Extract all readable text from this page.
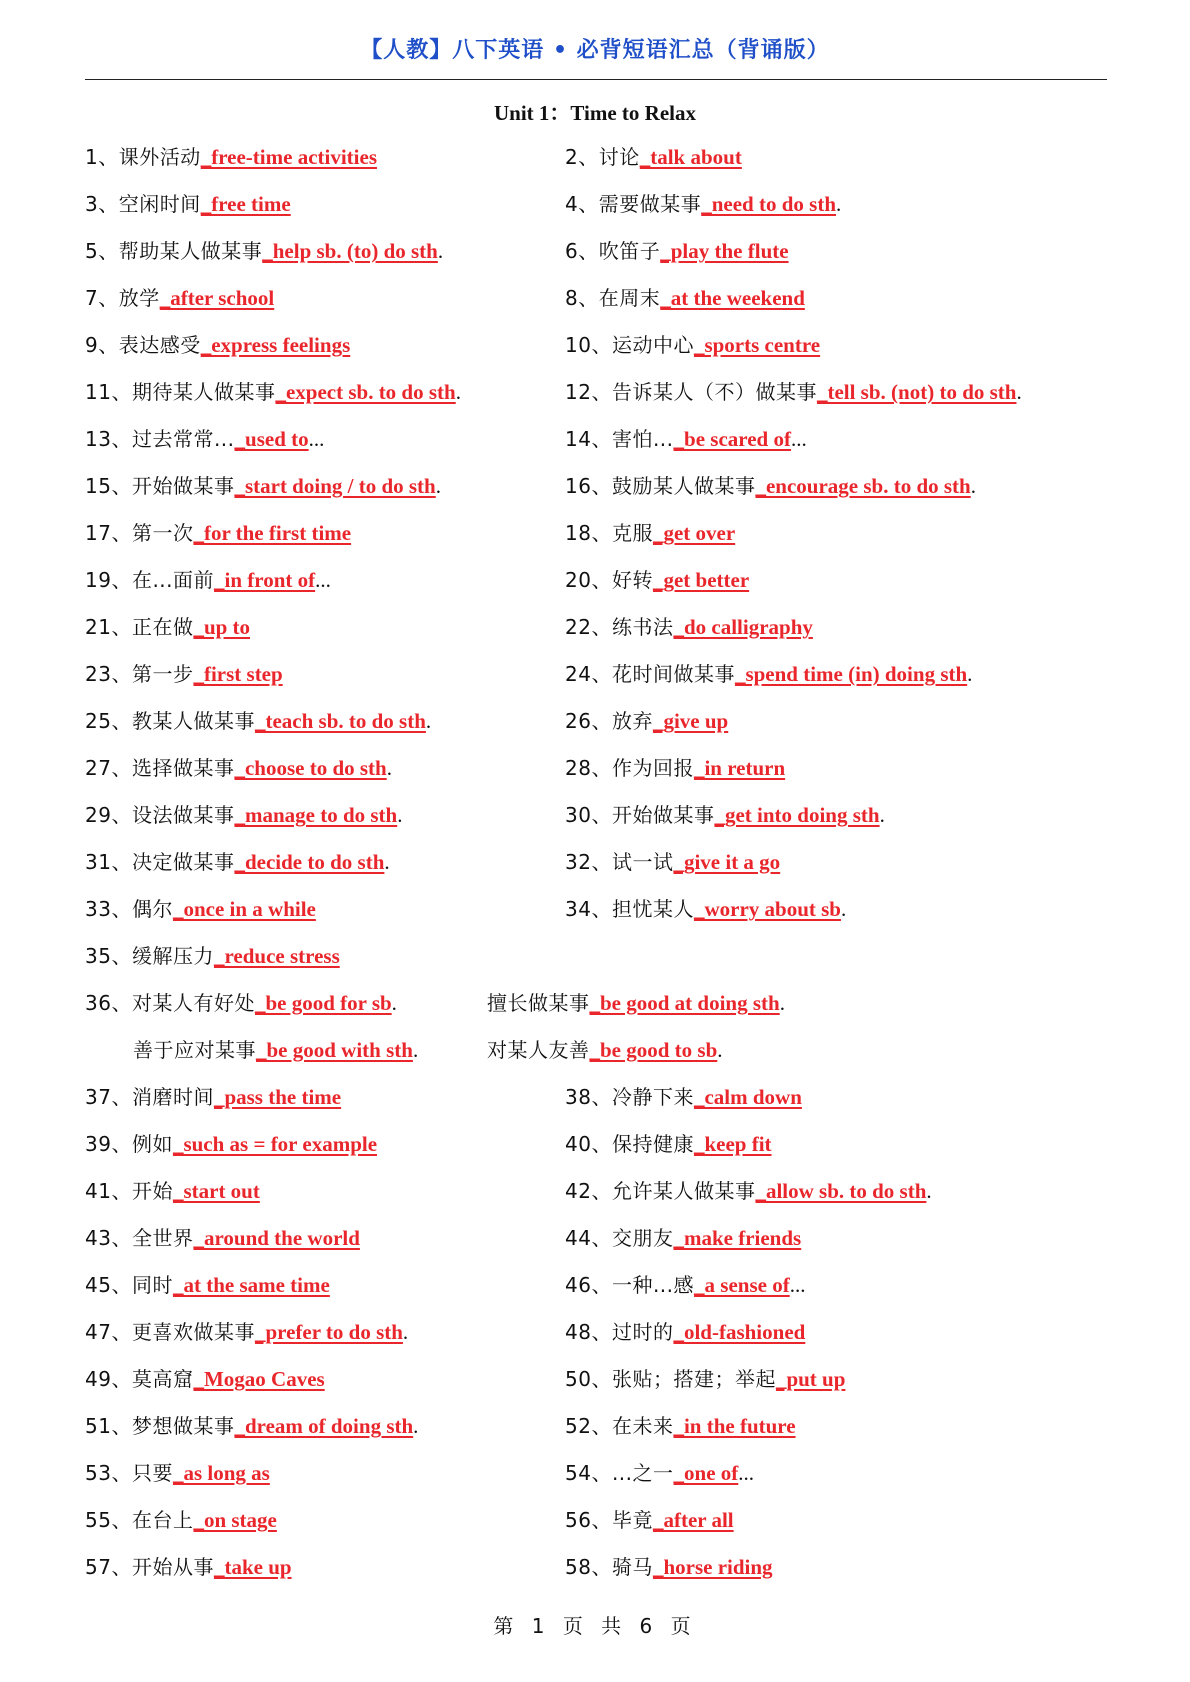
【人教】八下英语 • 必背短语汇总（背诵版）
Unit 1：Time to Relax
1、课外活动_free-time activities	2、讨论_talk about
3、空闲时间_free time	4、需要做某事_need to do sth.
5、帮助某人做某事_help sb. (to) do sth.	6、吹笛子_play the flute
7、放学_after school	8、在周末_at the weekend
9、表达感受_express feelings	10、运动中心_sports centre
11、期待某人做某事_expect sb. to do sth.	12、告诉某人（不）做某事_tell sb. (not) to do sth.
13、过去常常..._used to...	14、害怕..._be scared of...
15、开始做某事_start doing / to do sth.	16、鼓励某人做某事_encourage sb. to do sth.
17、第一次_for the first time	18、克服_get over
19、在...面前_in front of...	20、好转_get better
21、正在做_up to	22、练书法_do calligraphy
23、第一步_first step	24、花时间做某事_spend time (in) doing sth.
25、教某人做某事_teach sb. to do sth.	26、放弃_give up
27、选择做某事_choose to do sth.	28、作为回报_in return
29、设法做某事_manage to do sth.	30、开始做某事_get into doing sth.
31、决定做某事_decide to do sth.	32、试一试_give it a go
33、偶尔_once in a while	34、担忧某人_worry about sb.
35、缓解压力_reduce stress
36、对某人有好处_be good for sb.	擅长做某事_be good at doing sth.
善于应对某事_be good with sth.	对某人友善_be good to sb.
37、消磨时间_pass the time	38、冷静下来_calm down
39、例如_such as = for example	40、保持健康_keep fit
41、开始_start out	42、允许某人做某事_allow sb. to do sth.
43、全世界_around the world	44、交朋友_make friends
45、同时_at the same time	46、一种...感_a sense of...
47、更喜欢做某事_prefer to do sth.	48、过时的_old-fashioned
49、莫高窟_Mogao Caves	50、张贴；搭建；举起_put up
51、梦想做某事_dream of doing sth.	52、在未来_in the future
53、只要_as long as	54、...之一_one of...
55、在台上_on stage	56、毕竟_after all
57、开始从事_take up	58、骑马_horse riding
第 1 页 共 6 页
